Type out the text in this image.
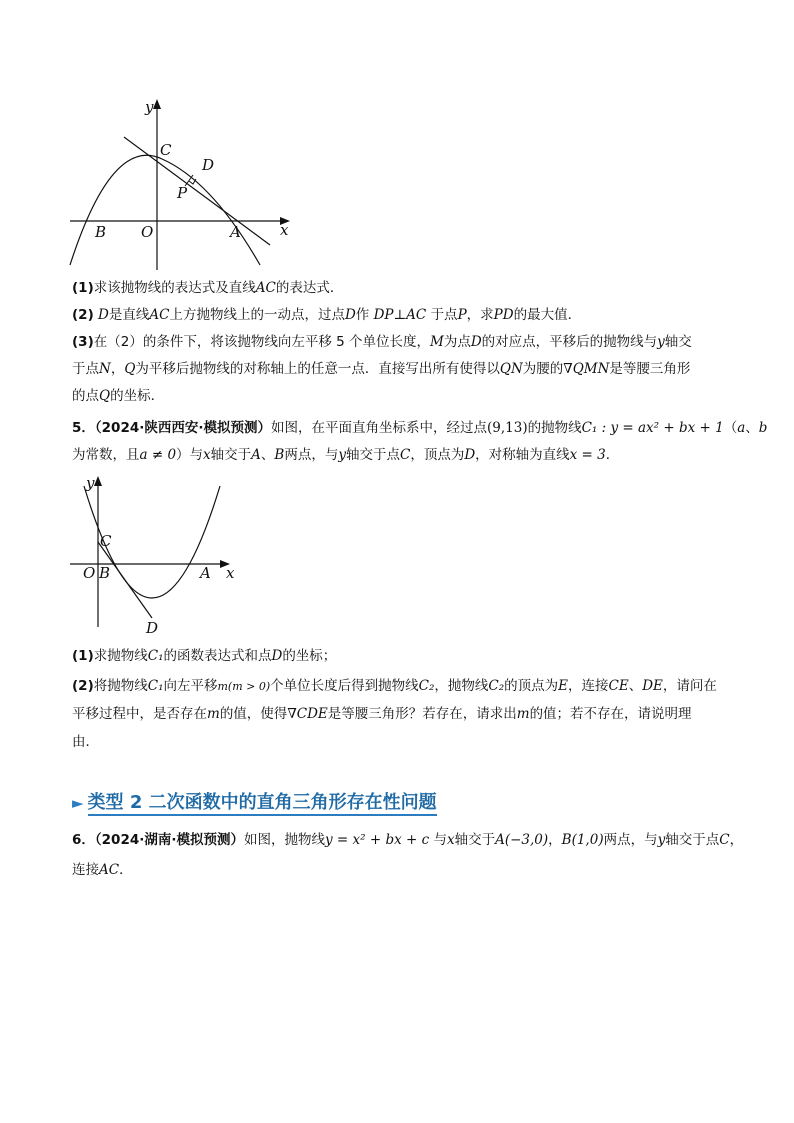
y
x
C
D
P
B O	A
(1)求该抛物线的表达式及直线AC的表达式．
(2) D是直线AC上方抛物线上的一动点，过点D作 DP⊥AC 于点P，求PD的最大值．
(3)在（2）的条件下，将该抛物线向左平移 5 个单位长度，M为点D的对应点，平移后的抛物线与y轴交
于点N，Q为平移后抛物线的对称轴上的任意一点．直接写出所有使得以QN为腰的∇QMN是等腰三角形
的点Q的坐标．
5．（2024·陕西西安·模拟预测）如图，在平面直角坐标系中，经过点(9,13)的抛物线C₁ : y = ax² + bx + 1（a、b
为常数，且a ≠ 0）与x轴交于A、B两点，与y轴交于点C，顶点为D，对称轴为直线x = 3．
y
x
C
O B	A
D
(1)求抛物线C₁的函数表达式和点D的坐标；
(2)将抛物线C₁向左平移m(m > 0)个单位长度后得到抛物线C₂，抛物线C₂的顶点为E，连接CE、DE，请问在
平移过程中，是否存在m的值，使得∇CDE是等腰三角形？若存在，请求出m的值；若不存在，请说明理
由．
► 类型 2 二次函数中的直角三角形存在性问题
6．（2024·湖南·模拟预测）如图，抛物线y = x² + bx + c 与x轴交于A(−3,0)，B(1,0)两点，与y轴交于点C，
连接AC．
